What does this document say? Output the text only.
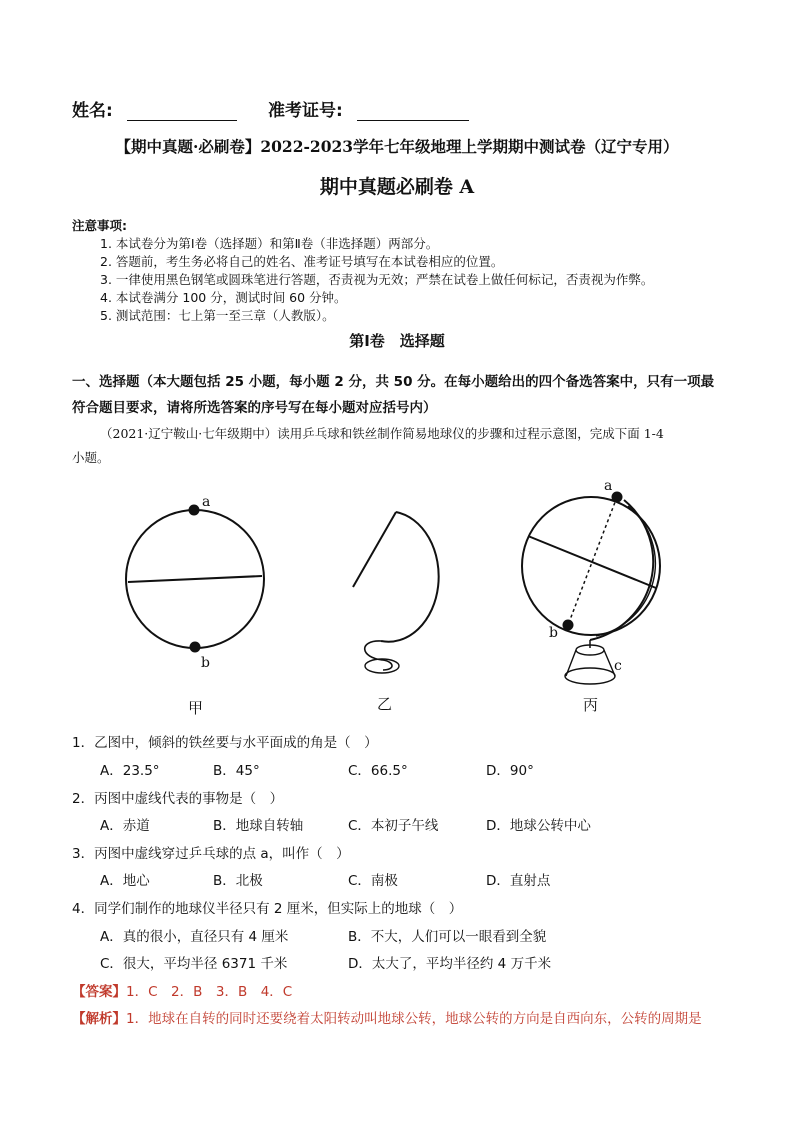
姓名:	准考证号:
【期中真题·必刷卷】2022-2023学年七年级地理上学期期中测试卷（辽宁专用）
期中真题必刷卷 A
注意事项:
1. 本试卷分为第Ⅰ卷（选择题）和第Ⅱ卷（非选择题）两部分。
2. 答题前，考生务必将自己的姓名、准考证号填写在本试卷相应的位置。
3. 一律使用黑色钢笔或圆珠笔进行答题，否责视为无效；严禁在试卷上做任何标记，否责视为作弊。
4. 本试卷满分 100 分，测试时间 60 分钟。
5. 测试范围：七上第一至三章（人教版）。
第Ⅰ卷　选择题
一、选择题（本大题包括 25 小题，每小题 2 分，共 50 分。在每小题给出的四个备选答案中，只有一项最
符合题目要求，请将所选答案的序号写在每小题对应括号内）
（2021·辽宁鞍山·七年级期中）读用乒乓球和铁丝制作简易地球仪的步骤和过程示意图，完成下面 1-4
小题。
a
b
a
b
c
甲	乙	丙
1．乙图中，倾斜的铁丝要与水平面成的角是（　）
A．23.5°	B．45°	C．66.5°	D．90°
2．丙图中虚线代表的事物是（　）
A．赤道	B．地球自转轴	C．本初子午线	D．地球公转中心
3．丙图中虚线穿过乒乓球的点 a，叫作（　）
A．地心	B．北极	C．南极	D．直射点
4．同学们制作的地球仪半径只有 2 厘米，但实际上的地球（　）
A．真的很小，直径只有 4 厘米	B．不大，人们可以一眼看到全貌
C．很大，平均半径 6371 千米	D．太大了，平均半径约 4 万千米
【答案】1．C　2．B　3．B　4．C
【解析】1．地球在自转的同时还要绕着太阳转动叫地球公转，地球公转的方向是自西向东，公转的周期是
